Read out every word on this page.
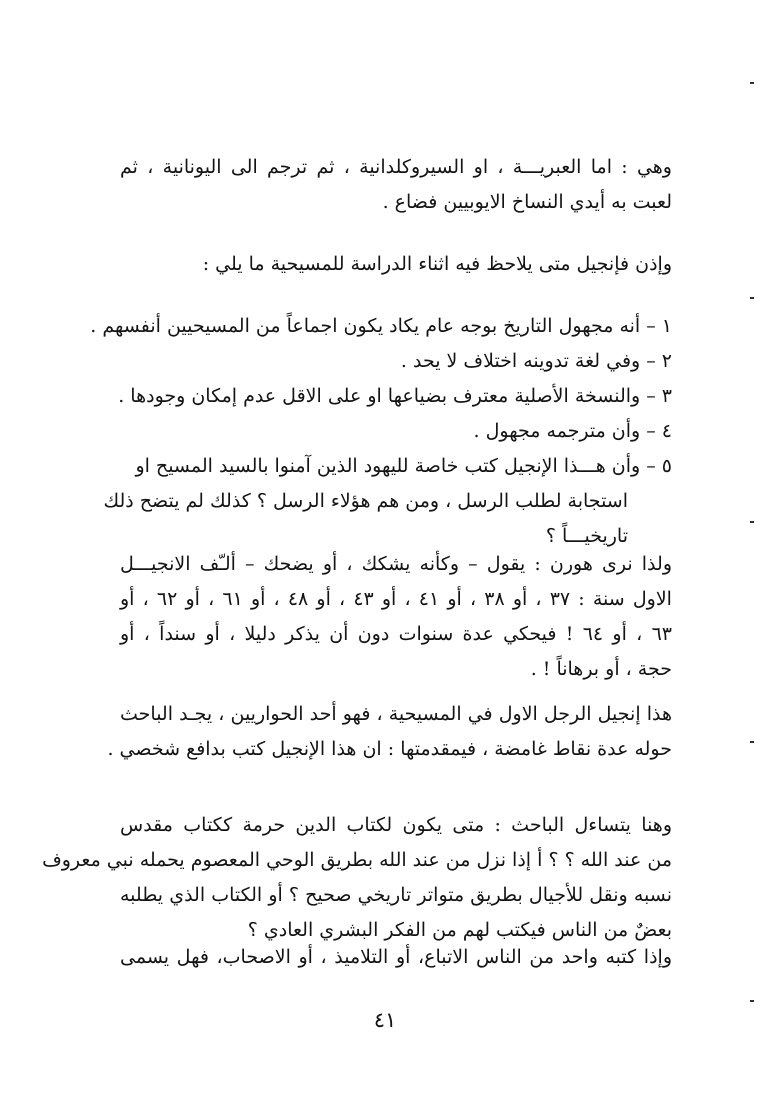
وهي : اما العبريـــة ، او السيروكلدانية ، ثم ترجم الى اليونانية ، ثم
لعبت به أيدي النساخ الايوبيين فضاع .
وإذن فإنجيل متى يلاحظ فيه اثناء الدراسة للمسيحية ما يلي :
١ – أنه مجهول التاريخ بوجه عام يكاد يكون اجماعاً من المسيحيين أنفسهم .
٢ – وفي لغة تدوينه اختلاف لا يحد .
٣ – والنسخة الأصلية معترف بضياعها او على الاقل عدم إمكان وجودها .
٤ – وأن مترجمه مجهول .
٥ – وأن هـــذا الإنجيل كتب خاصة لليهود الذين آمنوا بالسيد المسيح او
استجابة لطلب الرسل ، ومن هم هؤلاء الرسل ؟ كذلك لم يتضح ذلك
تاريخيـــاً ؟
ولذا نرى هورن : يقول – وكأنه يشكك ، أو يضحك – ألـّف الانجيـــل
الاول سنة : ٣٧ ، أو ٣٨ ، أو ٤١ ، أو ٤٣ ، أو ٤٨ ، أو ٦١ ، أو ٦٢ ، أو
٦٣ ، أو ٦٤ ! فيحكي عدة سنوات دون أن يذكر دليلا ، أو سنداً ، أو
حجة ، أو برهاناً ! .
هذا إنجيل الرجل الاول في المسيحية ، فهو أحد الحواريين ، يجـد الباحث
حوله عدة نقاط غامضة ، فيمقدمتها : ان هذا الإنجيل كتب بدافع شخصي .
وهنا يتساءل الباحث : متى يكون لكتاب الدين حرمة ككتاب مقدس
من عند الله ؟ ؟ أ إذا نزل من عند الله بطريق الوحي المعصوم يحمله نبي معروف
نسبه ونقل للأجيال بطريق متواتر تاريخي صحيح ؟ أو الكتاب الذي يطلبه
بعضٌ من الناس فيكتب لهم من الفكر البشري العادي ؟
وإذا كتبه واحد من الناس الاتباع، أو التلاميذ ، أو الاصحاب، فهل يسمى
٤١
